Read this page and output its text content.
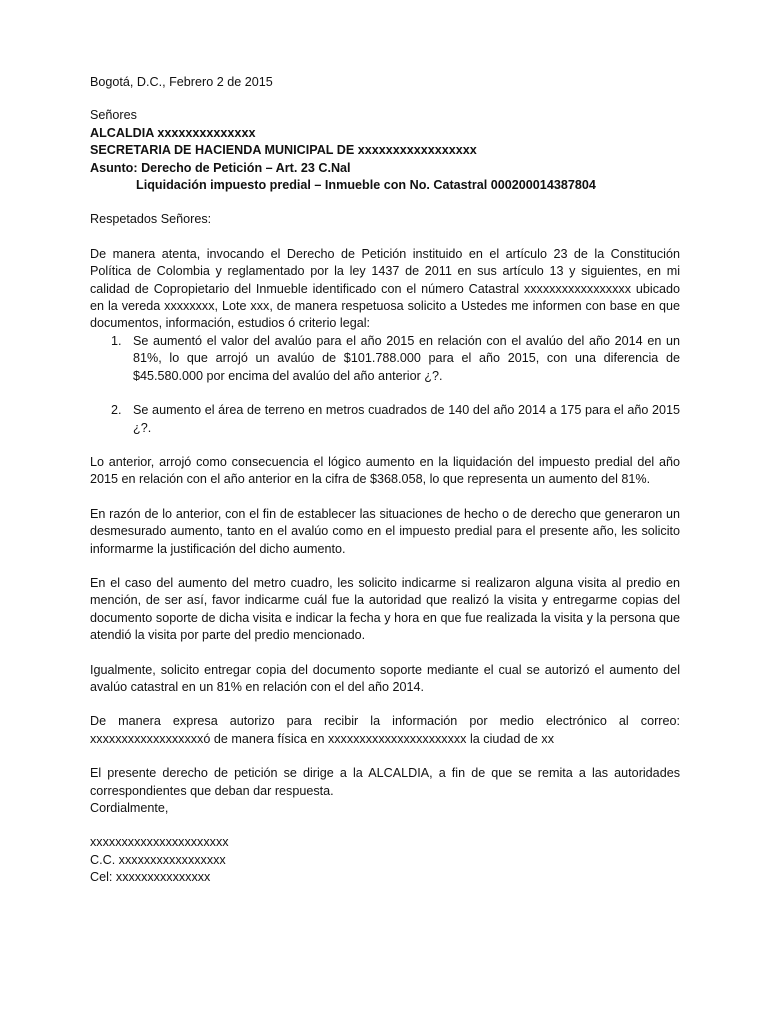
Bogotá, D.C., Febrero 2 de 2015

Señores

ALCALDIA xxxxxxxxxxxxxx

SECRETARIA DE HACIENDA MUNICIPAL DE xxxxxxxxxxxxxxxxx

Asunto: Derecho de Petición – Art. 23 C.Nal

Liquidación impuesto predial – Inmueble con No. Catastral 000200014387804

Respetados Señores:

De manera atenta, invocando el Derecho de Petición instituido en el artículo 23 de la Constitución Política de Colombia y reglamentado por la ley 1437 de 2011 en sus artículo 13 y siguientes, en mi calidad de Copropietario del Inmueble identificado con el número Catastral xxxxxxxxxxxxxxxxx ubicado en la vereda xxxxxxxx, Lote xxx, de manera respetuosa solicito a Ustedes me informen con base en que documentos, información, estudios ó criterio legal:

1. Se aumentó el valor del avalúo para el año 2015 en relación con el avalúo del año 2014 en un 81%, lo que arrojó un avalúo de $101.788.000 para el año 2015, con una diferencia de $45.580.000 por encima del avalúo del año anterior ¿?.
2. Se aumento el área de terreno en metros cuadrados de 140 del año 2014 a 175 para el año 2015 ¿?.

Lo anterior, arrojó como consecuencia el lógico aumento en la liquidación del impuesto predial del año 2015 en relación con el año anterior en la cifra de $368.058, lo que representa un aumento del 81%.

En razón de lo anterior, con el fin de establecer las situaciones de hecho o de derecho que generaron un desmesurado aumento, tanto en el avalúo como en el impuesto predial para el presente año, les solicito informarme la justificación del dicho aumento.

En el caso del aumento del metro cuadro, les solicito indicarme si realizaron alguna visita al predio en mención, de ser así, favor indicarme cuál fue la autoridad que realizó la visita y entregarme copias del documento soporte de dicha visita e indicar la fecha y hora en que fue realizada la visita y la persona que atendió la visita por parte del predio mencionado.

Igualmente, solicito entregar copia del documento soporte mediante el cual se autorizó el aumento del avalúo catastral en un 81% en relación con el del año 2014.

De manera expresa autorizo para recibir la información por medio electrónico al correo: xxxxxxxxxxxxxxxxxxó de manera física en xxxxxxxxxxxxxxxxxxxxxx la ciudad de xx

El presente derecho de petición se dirige a la ALCALDIA, a fin de que se remita a las autoridades correspondientes que deban dar respuesta.

Cordialmente,

xxxxxxxxxxxxxxxxxxxxxx

C.C. xxxxxxxxxxxxxxxxx

Cel: xxxxxxxxxxxxxxx
